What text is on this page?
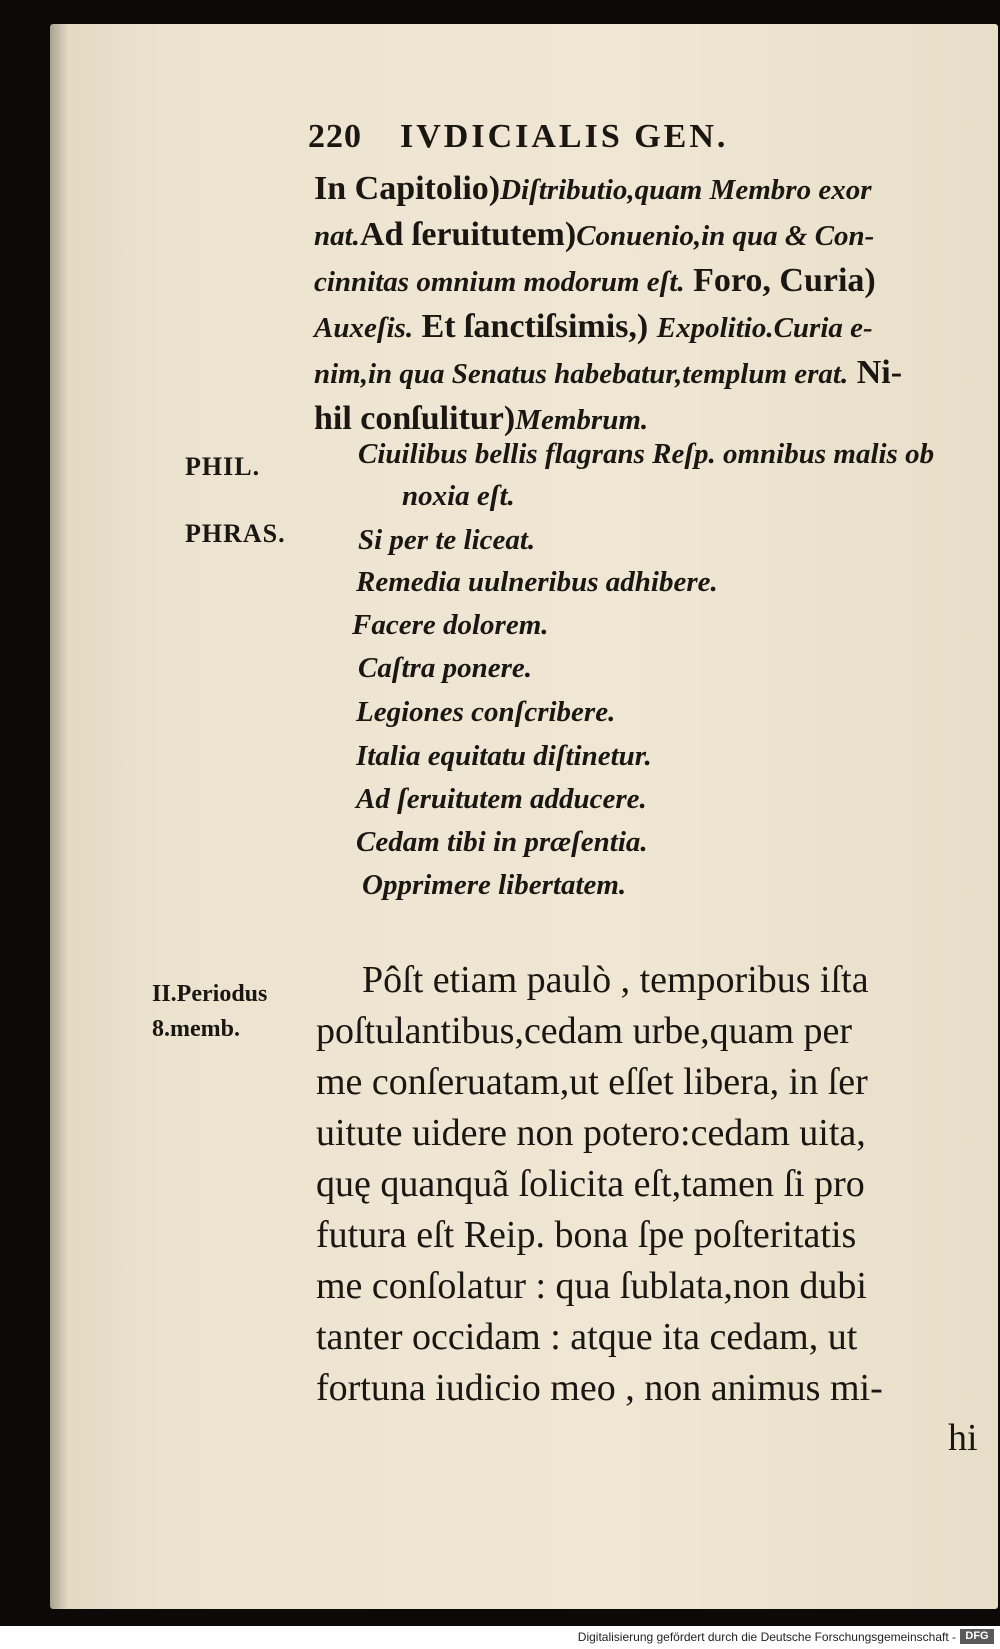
220 IVDICIALIS GEN.
In Capitolio)Diſtributio,quam Membro exor
nat.Ad ſeruitutem)Conuenio,in qua & Con-
cinnitas omnium modorum eſt. Foro, Curia)
Auxeſis. Et ſanctiſsimis,) Expolitio.Curia e-
nim,in qua Senatus habebatur,templum erat. Ni-
hil conſulitur)Membrum.
PHIL.
PHRAS.
II.Periodus
8.memb.
Ciuilibus bellis flagrans Reſp. omnibus malis ob
noxia eſt.
Si per te liceat.
Remedia uulneribus adhibere.
Facere dolorem.
Caſtra ponere.
Legiones conſcribere.
Italia equitatu diſtinetur.
Ad ſeruitutem adducere.
Cedam tibi in præſentia.
Opprimere libertatem.
Pôſt etiam paulò , temporibus iſta
poſtulantibus,cedam urbe,quam per
me conſeruatam,ut eſſet libera, in ſer
uitute uidere non potero:cedam uita,
quę quanquã ſolicita eſt,tamen ſi pro
futura eſt Reip. bona ſpe poſteritatis
me conſolatur : qua ſublata,non dubi
tanter occidam : atque ita cedam, ut
fortuna iudicio meo , non animus mi-
hi
Digitalisierung gefördert durch die Deutsche Forschungsgemeinschaft - DFG
